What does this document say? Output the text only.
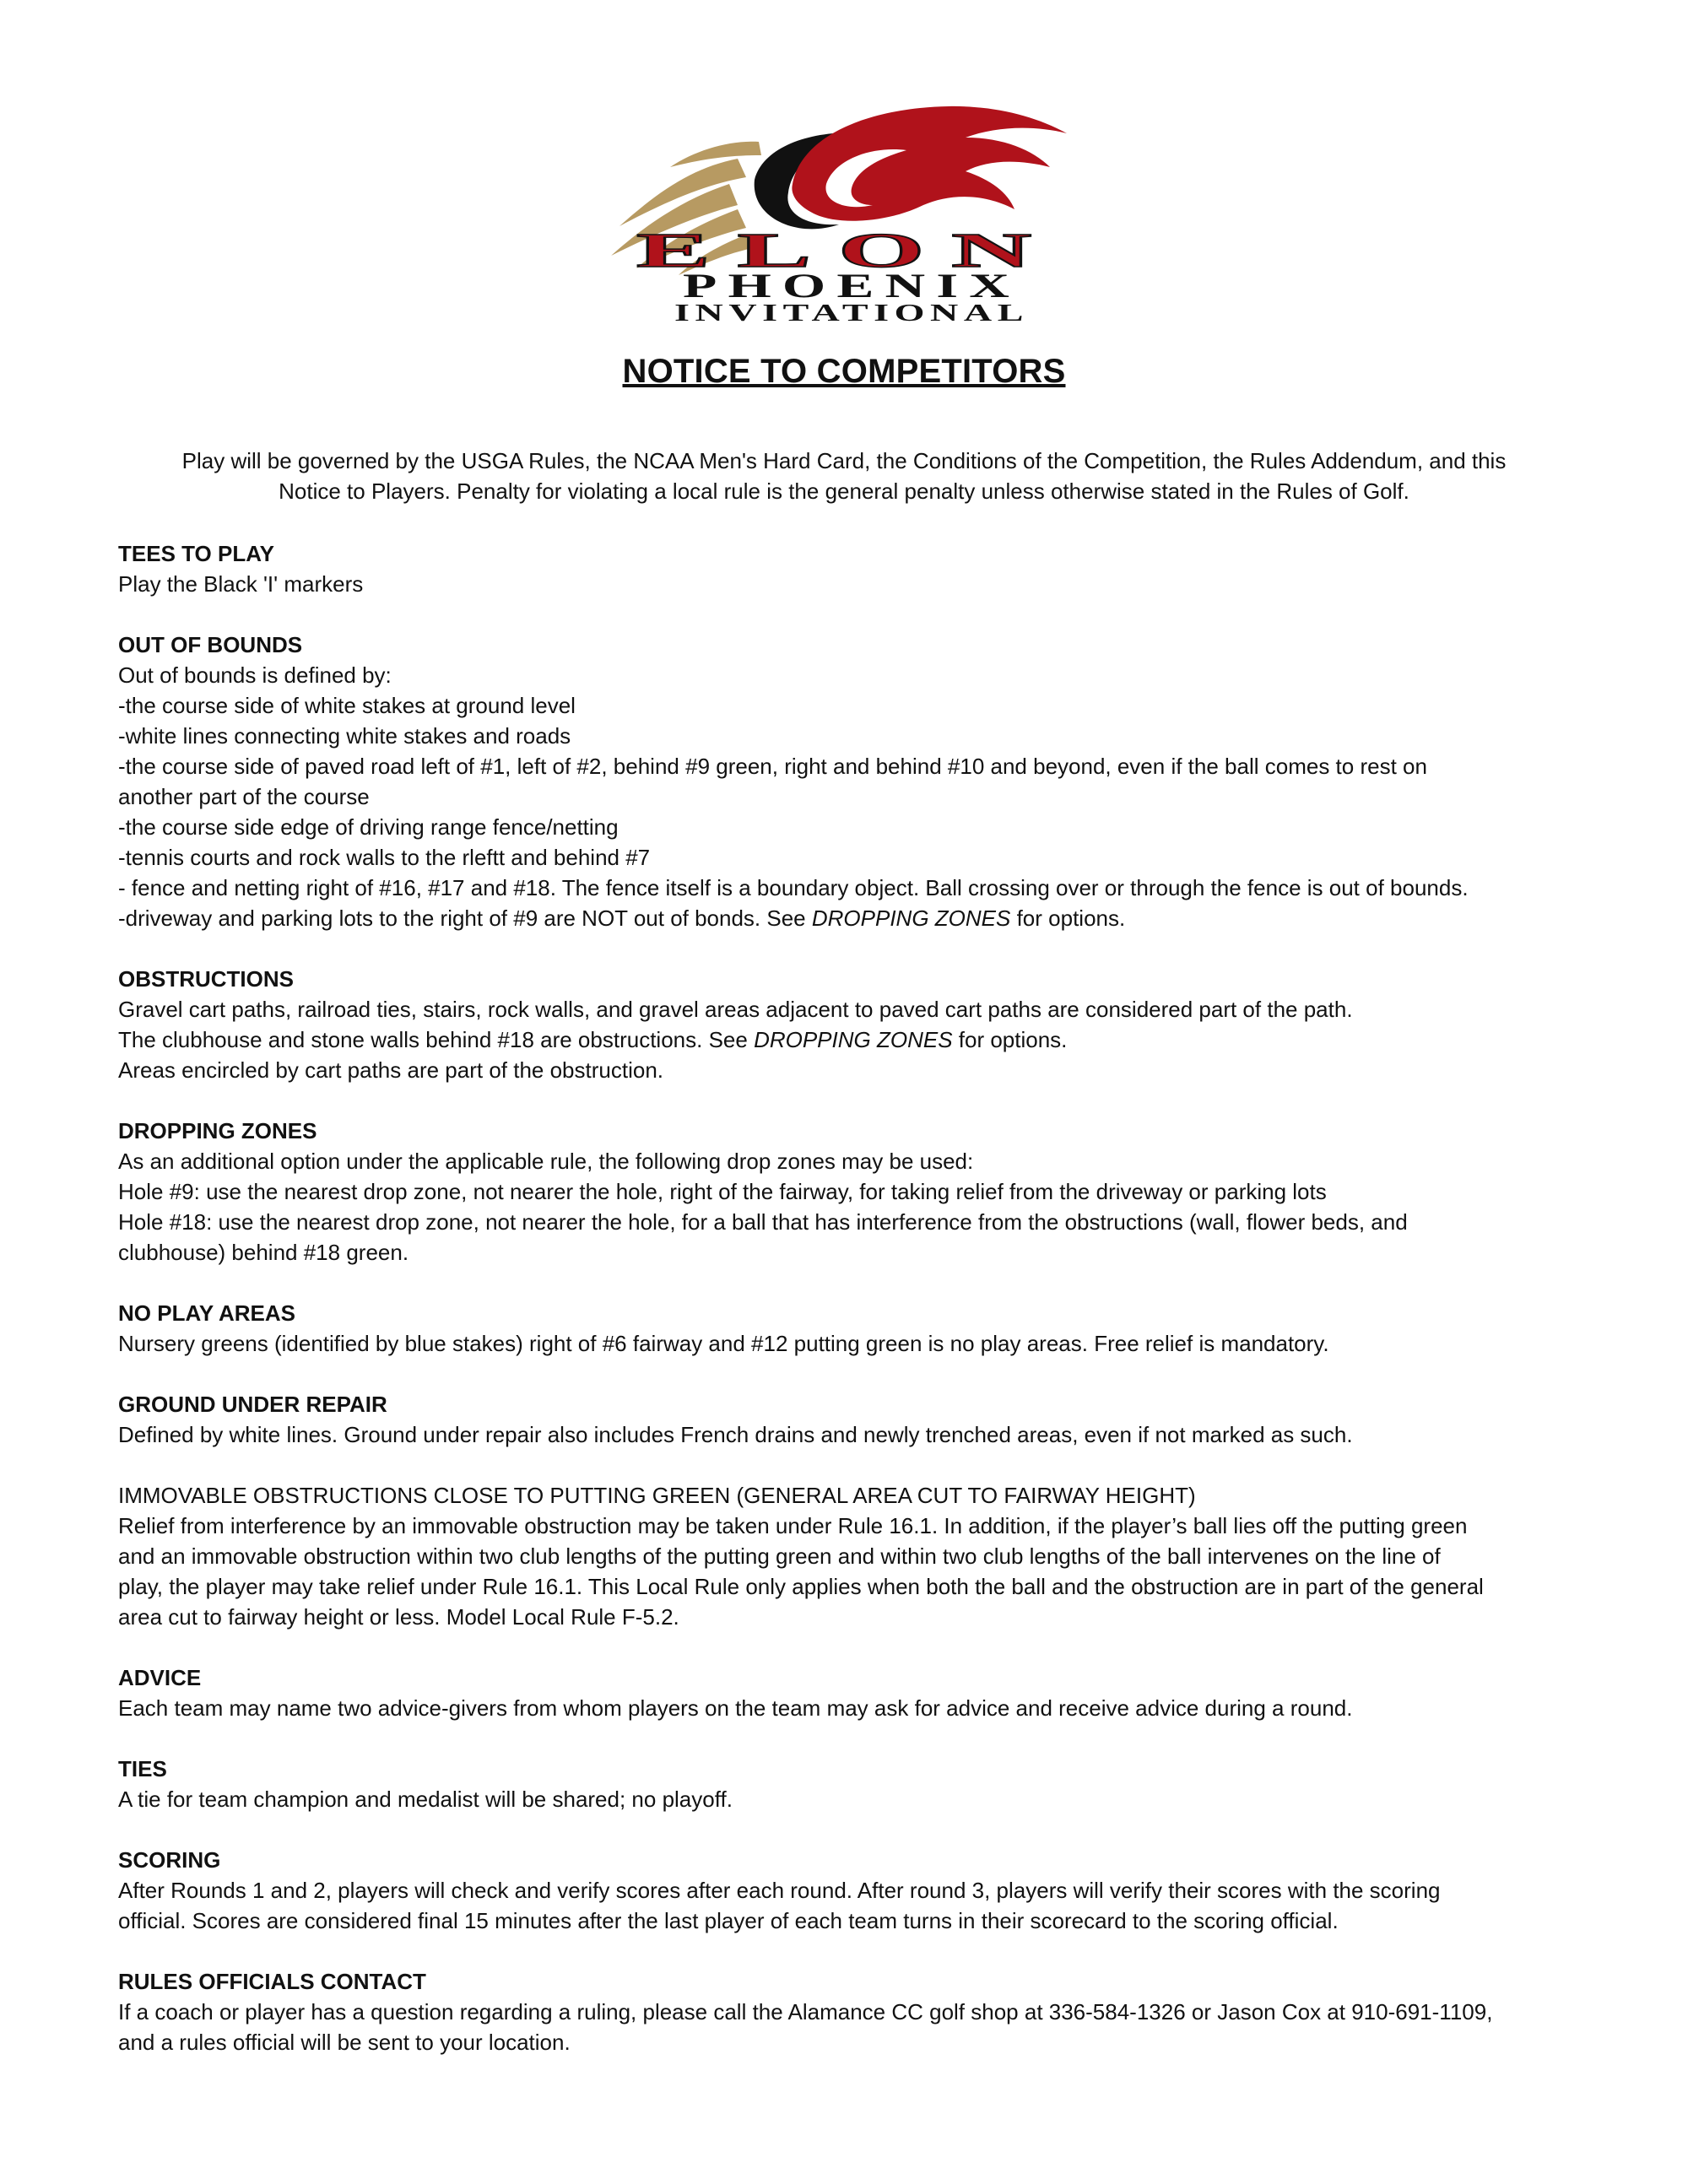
ELON
PHOENIX
INVITATIONAL
NOTICE TO COMPETITORS
Play will be governed by the USGA Rules, the NCAA Men's Hard Card, the Conditions of the Competition, the Rules Addendum, and this
Notice to Players. Penalty for violating a local rule is the general penalty unless otherwise stated in the Rules of Golf.
TEES TO PLAY
Play the Black 'I' markers
OUT OF BOUNDS
Out of bounds is defined by:
-the course side of white stakes at ground level
-white lines connecting white stakes and roads
-the course side of paved road left of #1, left of #2, behind #9 green, right and behind #10 and beyond, even if the ball comes to rest on
another part of the course
-the course side edge of driving range fence/netting
-tennis courts and rock walls to the rleftt and behind #7
- fence and netting right of #16, #17 and #18. The fence itself is a boundary object. Ball crossing over or through the fence is out of bounds.
-driveway and parking lots to the right of #9 are NOT out of bonds. See DROPPING ZONES for options.
OBSTRUCTIONS
Gravel cart paths, railroad ties, stairs, rock walls, and gravel areas adjacent to paved cart paths are considered part of the path.
The clubhouse and stone walls behind #18 are obstructions. See DROPPING ZONES for options.
Areas encircled by cart paths are part of the obstruction.
DROPPING ZONES
As an additional option under the applicable rule, the following drop zones may be used:
Hole #9: use the nearest drop zone, not nearer the hole, right of the fairway, for taking relief from the driveway or parking lots
Hole #18: use the nearest drop zone, not nearer the hole, for a ball that has interference from the obstructions (wall, flower beds, and
clubhouse) behind #18 green.
NO PLAY AREAS
Nursery greens (identified by blue stakes) right of #6 fairway and #12 putting green is no play areas. Free relief is mandatory.
GROUND UNDER REPAIR
Defined by white lines. Ground under repair also includes French drains and newly trenched areas, even if not marked as such.
IMMOVABLE OBSTRUCTIONS CLOSE TO PUTTING GREEN (GENERAL AREA CUT TO FAIRWAY HEIGHT)
Relief from interference by an immovable obstruction may be taken under Rule 16.1. In addition, if the player’s ball lies off the putting green
and an immovable obstruction within two club lengths of the putting green and within two club lengths of the ball intervenes on the line of
play, the player may take relief under Rule 16.1. This Local Rule only applies when both the ball and the obstruction are in part of the general
area cut to fairway height or less. Model Local Rule F-5.2.
ADVICE
Each team may name two advice-givers from whom players on the team may ask for advice and receive advice during a round.
TIES
A tie for team champion and medalist will be shared; no playoff.
SCORING
After Rounds 1 and 2, players will check and verify scores after each round. After round 3, players will verify their scores with the scoring
official. Scores are considered final 15 minutes after the last player of each team turns in their scorecard to the scoring official.
RULES OFFICIALS CONTACT
If a coach or player has a question regarding a ruling, please call the Alamance CC golf shop at 336-584-1326 or Jason Cox at 910-691-1109,
and a rules official will be sent to your location.
